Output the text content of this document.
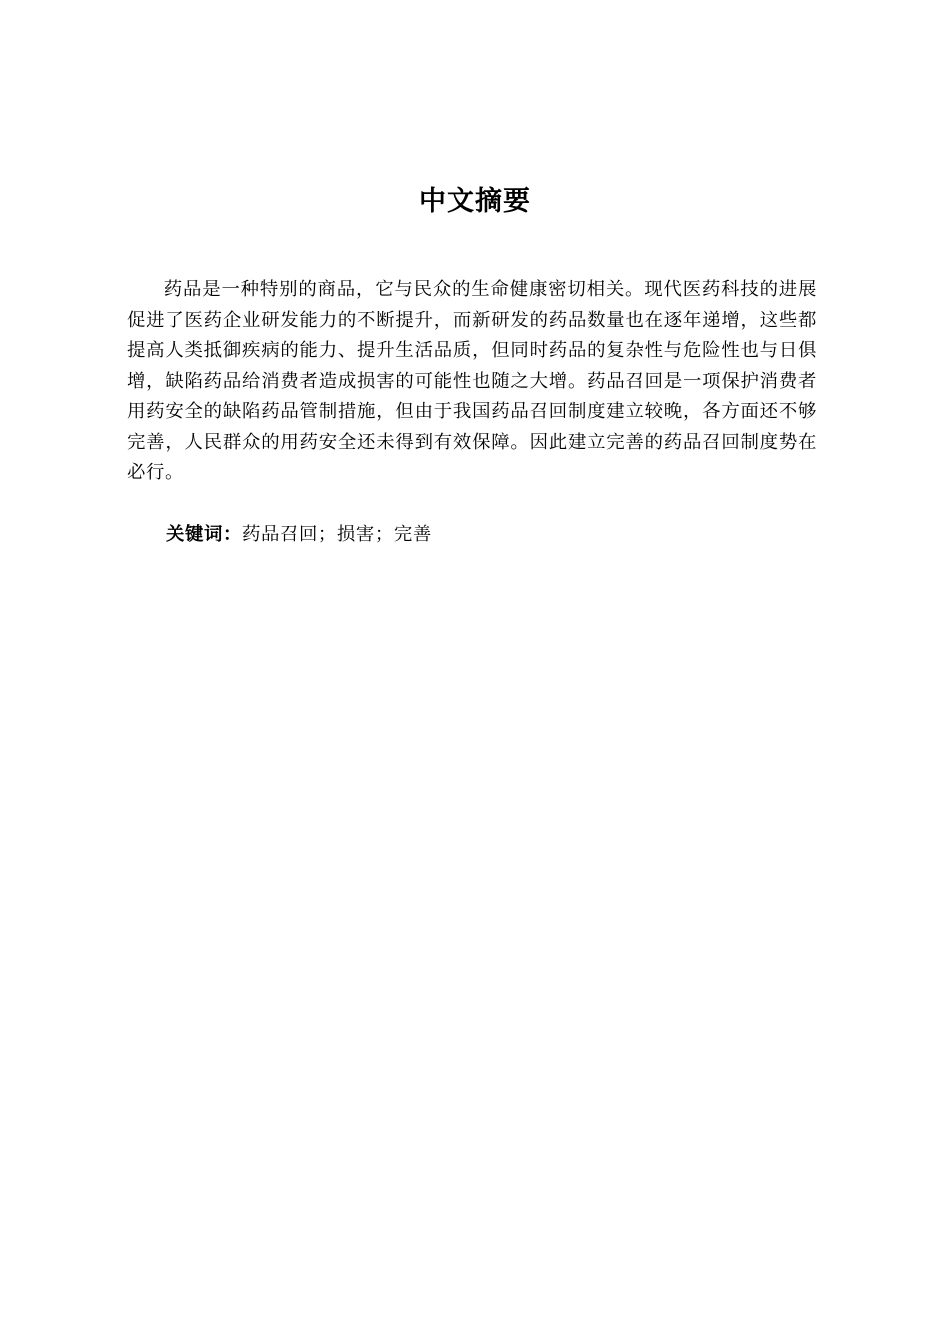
中文摘要

药品是一种特别的商品，它与民众的生命健康密切相关。现代医药科技的进展促进了医药企业研发能力的不断提升，而新研发的药品数量也在逐年递增，这些都提高人类抵御疾病的能力、提升生活品质，但同时药品的复杂性与危险性也与日俱增，缺陷药品给消费者造成损害的可能性也随之大增。药品召回是一项保护消费者用药安全的缺陷药品管制措施，但由于我国药品召回制度建立较晚，各方面还不够完善，人民群众的用药安全还未得到有效保障。因此建立完善的药品召回制度势在必行。

关键词：药品召回；损害；完善
